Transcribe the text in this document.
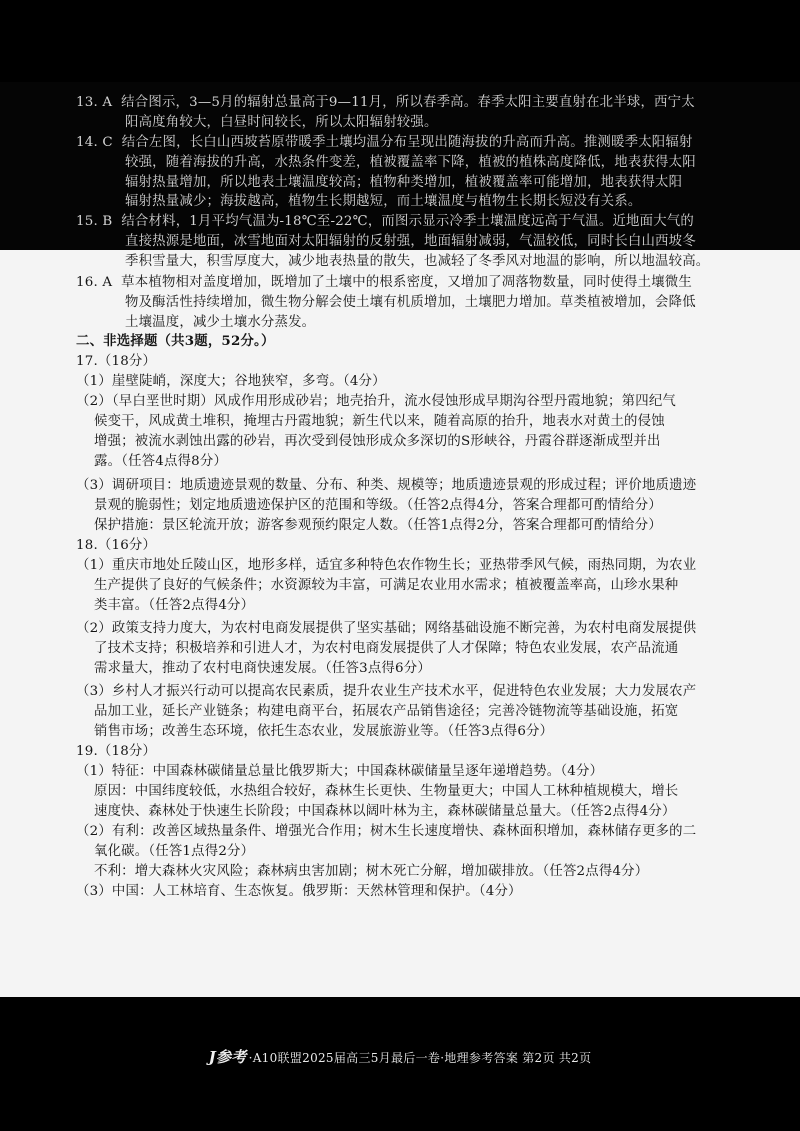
13. A 结合图示，3—5月的辐射总量高于9—11月，所以春季高。春季太阳主要直射在北半球，西宁太
阳高度角较大，白昼时间较长，所以太阳辐射较强。
14. C 结合左图，长白山西坡苔原带暖季土壤均温分布呈现出随海拔的升高而升高。推测暖季太阳辐射
较强，随着海拔的升高，水热条件变差，植被覆盖率下降，植被的植株高度降低，地表获得太阳
辐射热量增加，所以地表土壤温度较高；植物种类增加，植被覆盖率可能增加，地表获得太阳
辐射热量减少；海拔越高，植物生长期越短，而土壤温度与植物生长期长短没有关系。
15. B 结合材料，1月平均气温为-18℃至-22℃，而图示显示冷季土壤温度远高于气温。近地面大气的
直接热源是地面，冰雪地面对太阳辐射的反射强，地面辐射减弱，气温较低，同时长白山西坡冬
季积雪量大，积雪厚度大，减少地表热量的散失，也减轻了冬季风对地温的影响，所以地温较高。
16. A 草本植物相对盖度增加，既增加了土壤中的根系密度，又增加了凋落物数量，同时使得土壤微生
物及酶活性持续增加，微生物分解会使土壤有机质增加，土壤肥力增加。草类植被增加，会降低
土壤温度，减少土壤水分蒸发。
二、非选择题（共3题，52分。）
17.（18分）
（1）崖壁陡峭，深度大；谷地狭窄，多弯。（4分）
（2）（早白垩世时期）风成作用形成砂岩；地壳抬升，流水侵蚀形成早期沟谷型丹霞地貌；第四纪气
候变干，风成黄土堆积，掩埋古丹霞地貌；新生代以来，随着高原的抬升，地表水对黄土的侵蚀
增强；被流水剥蚀出露的砂岩，再次受到侵蚀形成众多深切的S形峡谷，丹霞谷群逐渐成型并出
露。（任答4点得8分）
（3）调研项目：地质遗迹景观的数量、分布、种类、规模等；地质遗迹景观的形成过程；评价地质遗迹
景观的脆弱性；划定地质遗迹保护区的范围和等级。（任答2点得4分，答案合理都可酌情给分）
保护措施：景区轮流开放；游客参观预约限定人数。（任答1点得2分，答案合理都可酌情给分）
18.（16分）
（1）重庆市地处丘陵山区，地形多样，适宜多种特色农作物生长；亚热带季风气候，雨热同期，为农业
生产提供了良好的气候条件；水资源较为丰富，可满足农业用水需求；植被覆盖率高，山珍水果种
类丰富。（任答2点得4分）
（2）政策支持力度大，为农村电商发展提供了坚实基础；网络基础设施不断完善，为农村电商发展提供
了技术支持；积极培养和引进人才，为农村电商发展提供了人才保障；特色农业发展，农产品流通
需求量大，推动了农村电商快速发展。（任答3点得6分）
（3）乡村人才振兴行动可以提高农民素质，提升农业生产技术水平，促进特色农业发展；大力发展农产
品加工业，延长产业链条；构建电商平台，拓展农产品销售途径；完善冷链物流等基础设施，拓宽
销售市场；改善生态环境，依托生态农业，发展旅游业等。（任答3点得6分）
19.（18分）
（1）特征：中国森林碳储量总量比俄罗斯大；中国森林碳储量呈逐年递增趋势。（4分）
原因：中国纬度较低，水热组合较好，森林生长更快、生物量更大；中国人工林种植规模大，增长
速度快、森林处于快速生长阶段；中国森林以阔叶林为主，森林碳储量总量大。（任答2点得4分）
（2）有利：改善区域热量条件、增强光合作用；树木生长速度增快、森林面积增加，森林储存更多的二
氧化碳。（任答1点得2分）
不利：增大森林火灾风险；森林病虫害加剧；树木死亡分解，增加碳排放。（任答2点得4分）
（3）中国：人工林培育、生态恢复。俄罗斯：天然林管理和保护。（4分）
J参考 ·A10联盟2025届高三5月最后一卷·地理参考答案 第2页 共2页
